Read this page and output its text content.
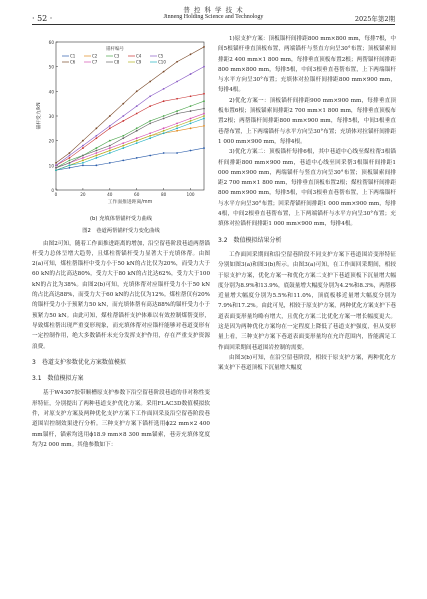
· 52 ·
普 控 科 学 技 术
Jinneng Holding Science and Technology	2025年第2期
0
10
20
30
40
50
60
0	20	40	60	80	100
工作面推进距离/mm
锚杆受力/kN
锚杆编号
C1	C2	C3	C4	C5
C6	C7	C8	C9	C10
(b) 充填体帮锚杆受力曲线
图2　巷道两帮锚杆受力变化曲线

由图2可知，随着工作面推进距离的增加，沿空留巷阶段巷道两帮锚杆受力总体呈增大趋势，且煤柱帮锚杆受力显著大于充填体帮。由图2(a)可知，煤柱帮锚杆中受力小于50 kN的占比仅为20%，而受力大于60 kN的占比高达80%，受力大于80 kN的占比达62%，受力大于100 kN的占比为38%。由图2(b)可知，充填体帮对应锚杆受力小于50 kN的占比高达88%，而受力大于60 kN的占比仅为12%。煤柱帮仅有20%的锚杆受力小于预紧力50 kN，而充填体帮有高达88%的锚杆受力小于预紧力50 kN。由此可知，煤柱帮锚杆支护体难以有效控制煤帮变形，导致煤柱帮出现严重变形现象，而充填体帮对应锚杆能够对巷道变形有一定控制作用，绝大多数锚杆未充分发挥支护作用，存在严重支护资源浪费。

3　巷道支护参数优化方案数值模拟
3.1　数值模拟方案

基于W4307胶带顺槽原支护参数下沿空留巷阶段巷道的非对称性变形特征，分别提出了两种巷道支护优化方案。采用FLAC3D数值模拟软件，对原支护方案及两种优化支护方案下工作面回采及沿空留巷阶段巷道围岩控制效果进行分析。三种支护方案下锚杆选用ϕ22 mm×2 400 mm锚杆，锚索均选用ϕ18.9 mm×8 300 mm锚索，巷旁充填体宽度均为2 000 mm。其他参数如下：

1)原支护方案：顶板锚杆间排距800 mm×800 mm，每排7根，中间5根锚杆垂直顶板布置，两端锚杆与竖直方向呈30°布置；顶板锚索间排距2 400 mm×1 800 mm，每排垂直顶板布置2根；两帮锚杆间排距800 mm×800 mm，每排5根，中间3根垂直巷帮布置，上下两端锚杆与水平方向呈30°布置；充填体对拉锚杆间排距800 mm×900 mm，每排4根。

2)优化方案一：顶板锚杆间排距900 mm×900 mm，每排垂直顶板布置6根；顶板锚索间排距2 700 mm×1 800 mm，每排垂直顶板布置2根；两帮锚杆间排距800 mm×900 mm，每排5根，中间3根垂直巷帮布置，上下两端锚杆与水平方向呈30°布置；充填体对拉锚杆间排距1 000 mm×900 mm，每排4根。

3)优化方案二：顶板锚杆每排6根，其中巷道中心线至煤柱帮3根锚杆间排距800 mm×900 mm，巷道中心线至回采帮3根锚杆间排距1 000 mm×900 mm，两端锚杆与竖直方向呈30°布置；顶板锚索间排距2 700 mm×1 800 mm，每排垂直顶板布置2根；煤柱帮锚杆间排距800 mm×900 mm，每排5根，中间3根垂直巷帮布置，上下两端锚杆与水平方向呈30°布置；回采帮锚杆间排距1 000 mm×900 mm，每排4根，中间2根垂直巷帮布置，上下两端锚杆与水平方向呈30°布置；充填体对拉锚杆间排距1 000 mm×900 mm，每排4根。

3.2　数值模拟结果分析

工作面回采期间和沿空留巷阶段不同支护方案下巷道围岩变形特征分别如图3(a)和图3(b)所示。由图3(a)可知，在工作面回采期间，相较于原支护方案，优化方案一和优化方案二支护下巷道顶板下沉量增大幅度分别为8.9%和13.9%，底鼓量增大幅度分别为4.2%和8.3%，两帮移近量增大幅度分别为5.5%和11.0%，顶底板移近量增大幅度分别为7.9%和17.2%。由此可见，相较于原支护方案，两种优化方案支护下巷道表面变形量均略有增大，且优化方案二比优化方案一增长幅度更大。这是因为两种优化方案均在一定程度上降低了巷道支护强度，但从变形量上看，三种支护方案下巷道表面变形量均在允许范围内，皆能满足工作面回采期间巷道围岩控制的需要。

由图3(b)可知，在沿空留巷阶段，相较于原支护方案，两种优化方案支护下巷道顶板下沉量增大幅度
